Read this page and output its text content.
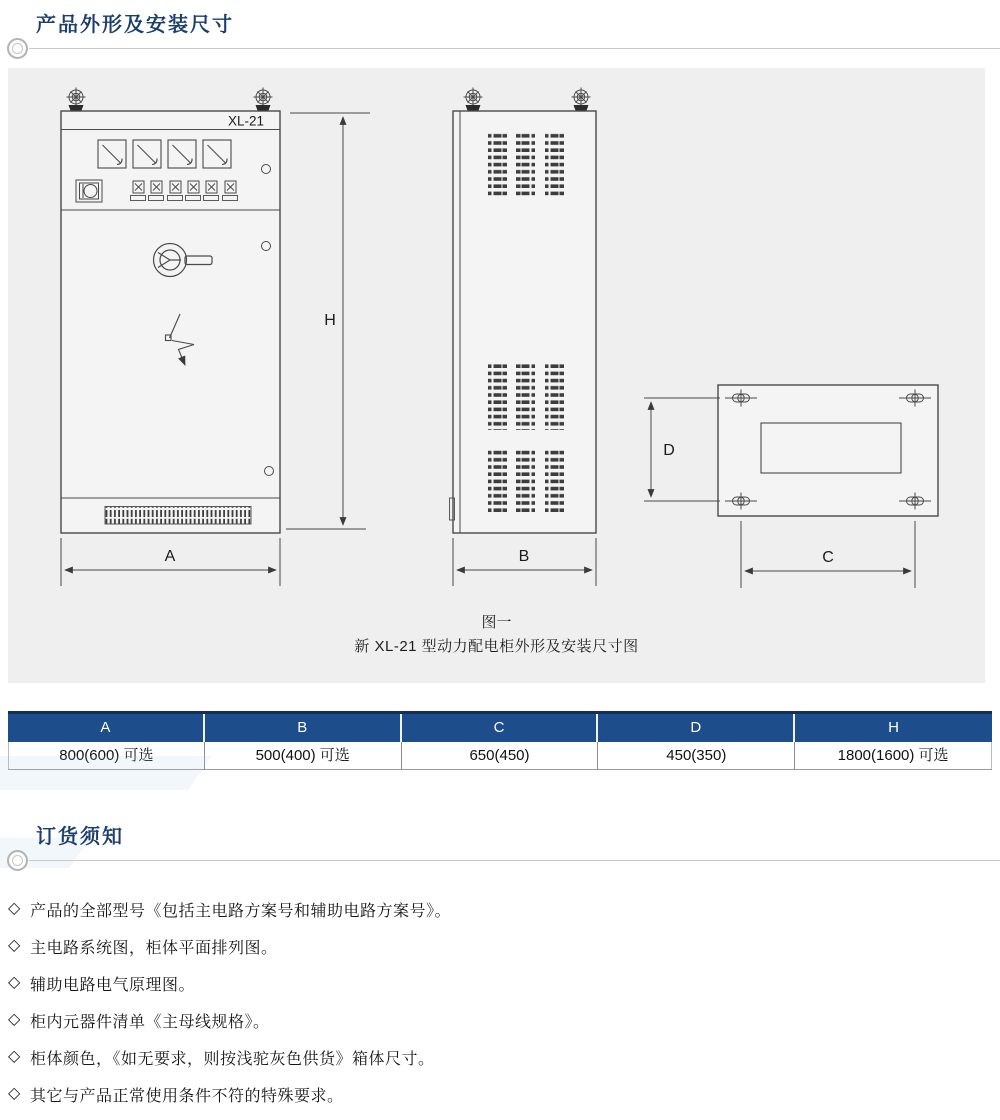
产品外形及安装尺寸
XL-21
H
A	B
D
C
图一
新 XL-21 型动力配电柜外形及安装尺寸图
A	B	C	D	H
800(600) 可选	500(400) 可选	650(450)	450(350)	1800(1600) 可选
订货须知
◇ 产品的全部型号《包括主电路方案号和辅助电路方案号》。
◇ 主电路系统图，柜体平面排列图。
◇ 辅助电路电气原理图。
◇ 柜内元器件清单《主母线规格》。
◇ 柜体颜色，《如无要求，则按浅驼灰色供货》箱体尺寸。
◇ 其它与产品正常使用条件不符的特殊要求。
